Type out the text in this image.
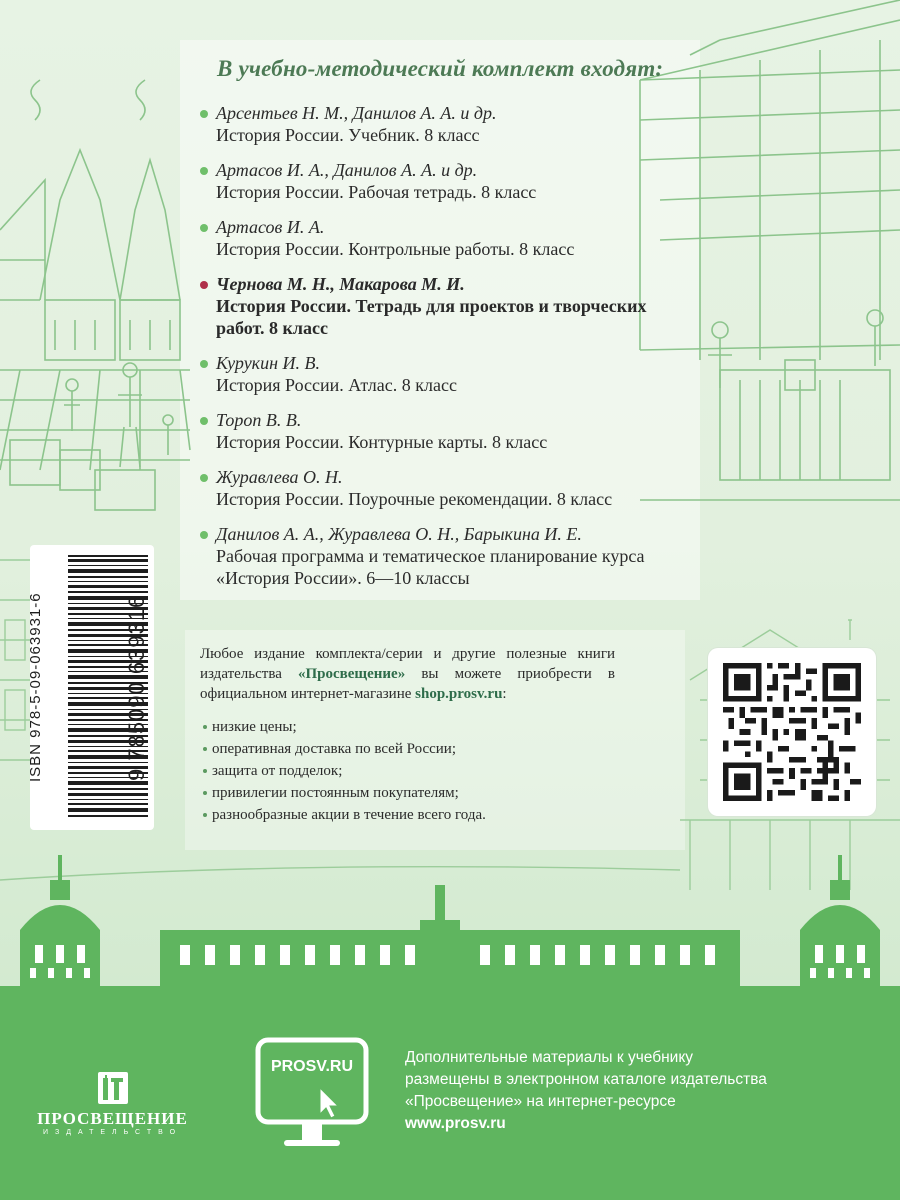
В учебно-методический комплект входят:
Арсентьев Н. М., Данилов А. А. и др.
История России. Учебник. 8 класс
Артасов И. А., Данилов А. А. и др.
История России. Рабочая тетрадь. 8 класс
Артасов И. А.
История России. Контрольные работы. 8 класс
Чернова М. Н., Макарова М. И.
История России. Тетрадь для проектов и творческих работ. 8 класс
Курукин И. В.
История России. Атлас. 8 класс
Тороп В. В.
История России. Контурные карты. 8 класс
Журавлева О. Н.
История России. Поурочные рекомендации. 8 класс
Данилов А. А., Журавлева О. Н., Барыкина И. Е.
Рабочая программа и тематическое планирование курса «История России». 6—10 классы
ISBN 978-5-09-063931-6	9 785090 639316	Любое издание комплекта/серии и другие полезные книги издательства «Просвещение» вы можете приобрести в официальном интернет-магазине shop.prosv.ru:
низкие цены;
оперативная доставка по всей России;
защита от подделок;
привилегии постоянным покупателям;
разнообразные акции в течение всего года.
ПРОСВЕЩЕНИЕ
ИЗДАТЕЛЬСТВО
PROSV.RU
Дополнительные материалы к учебнику
размещены в электронном каталоге издательства
«Просвещение» на интернет-ресурсе
www.prosv.ru
